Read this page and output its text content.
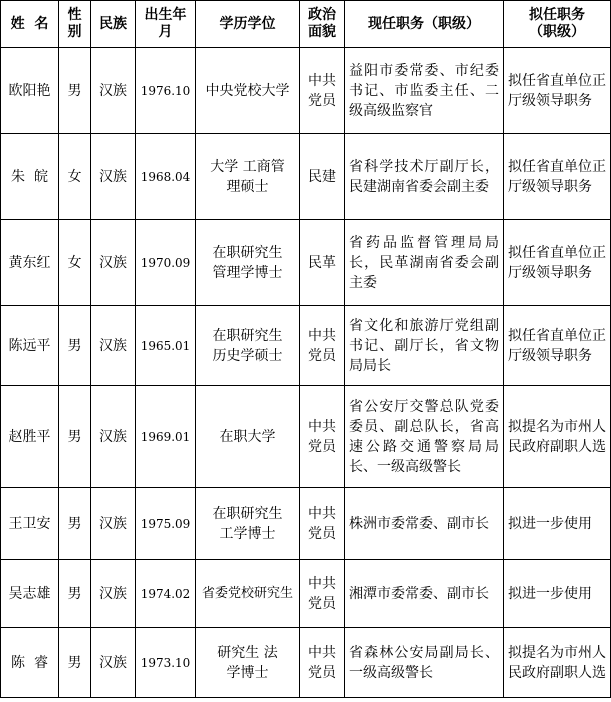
姓  名	性别	民族	出生年月	学历学位	政治面貌	现任职务（职级）	拟任职务（职级）
欧阳艳	男	汉族	1976.10	中央党校大学	中共党员	益阳市委常委、市纪委书记、市监委主任、二级高级监察官	拟任省直单位正厅级领导职务
朱  皖	女	汉族	1968.04	大学 工商管理硕士	民建	省科学技术厅副厅长，民建湖南省委会副主委	拟任省直单位正厅级领导职务
黄东红	女	汉族	1970.09	在职研究生 管理学博士	民革	省药品监督管理局局长，民革湖南省委会副主委	拟任省直单位正厅级领导职务
陈远平	男	汉族	1965.01	在职研究生 历史学硕士	中共党员	省文化和旅游厅党组副书记、副厅长，省文物局局长	拟任省直单位正厅级领导职务
赵胜平	男	汉族	1969.01	在职大学	中共党员	省公安厅交警总队党委委员、副总队长，省高速公路交通警察局局长、一级高级警长	拟提名为市州人民政府副职人选
王卫安	男	汉族	1975.09	在职研究生 工学博士	中共党员	株洲市委常委、副市长	拟进一步使用
吴志雄	男	汉族	1974.02	省委党校研究生	中共党员	湘潭市委常委、副市长	拟进一步使用
陈  睿	男	汉族	1973.10	研究生 法学博士	中共党员	省森林公安局副局长、一级高级警长	拟提名为市州人民政府副职人选
